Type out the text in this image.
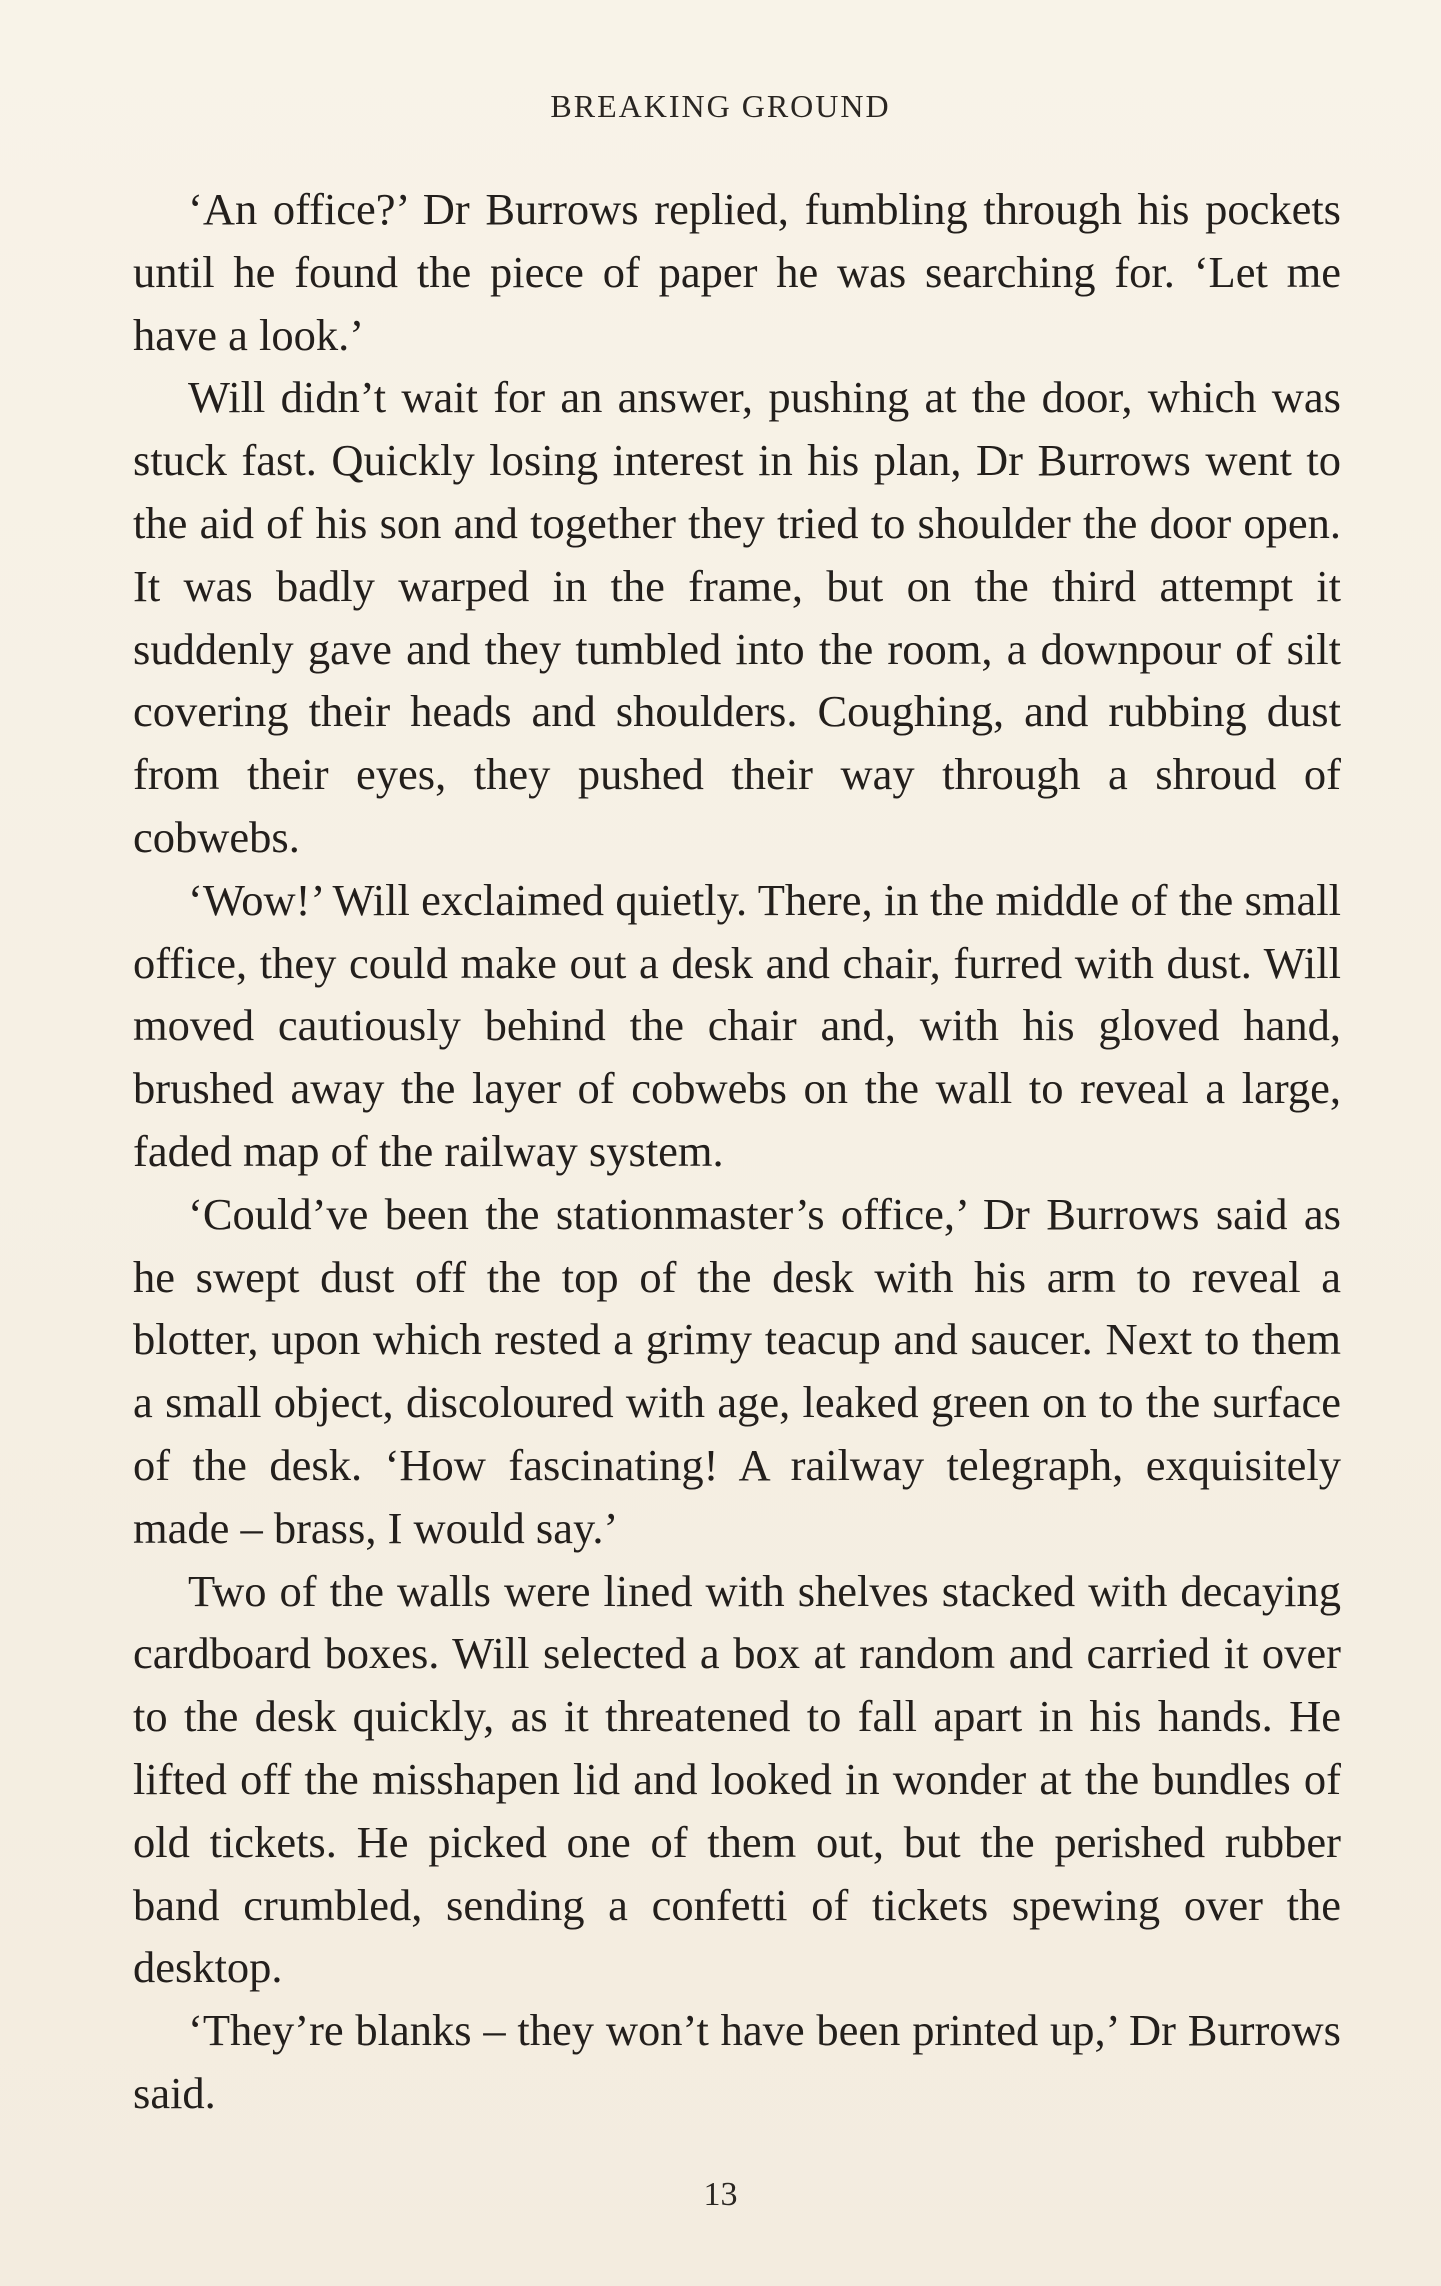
BREAKING GROUND

‘An office?’ Dr Burrows replied, fumbling through his pockets until he found the piece of paper he was searching for. ‘Let me have a look.’

Will didn’t wait for an answer, pushing at the door, which was stuck fast. Quickly losing interest in his plan, Dr Burrows went to the aid of his son and together they tried to shoulder the door open. It was badly warped in the frame, but on the third attempt it suddenly gave and they tumbled into the room, a downpour of silt covering their heads and shoulders. Coughing, and rubbing dust from their eyes, they pushed their way through a shroud of cobwebs.

‘Wow!’ Will exclaimed quietly. There, in the middle of the small office, they could make out a desk and chair, furred with dust. Will moved cautiously behind the chair and, with his gloved hand, brushed away the layer of cobwebs on the wall to reveal a large, faded map of the railway system.

‘Could’ve been the stationmaster’s office,’ Dr Burrows said as he swept dust off the top of the desk with his arm to reveal a blotter, upon which rested a grimy teacup and saucer. Next to them a small object, discoloured with age, leaked green on to the surface of the desk. ‘How fascinating! A railway telegraph, exquisitely made – brass, I would say.’

Two of the walls were lined with shelves stacked with decaying cardboard boxes. Will selected a box at random and carried it over to the desk quickly, as it threatened to fall apart in his hands. He lifted off the misshapen lid and looked in wonder at the bundles of old tickets. He picked one of them out, but the perished rubber band crumbled, sending a confetti of tickets spewing over the desktop.

‘They’re blanks – they won’t have been printed up,’ Dr Burrows said.

13
